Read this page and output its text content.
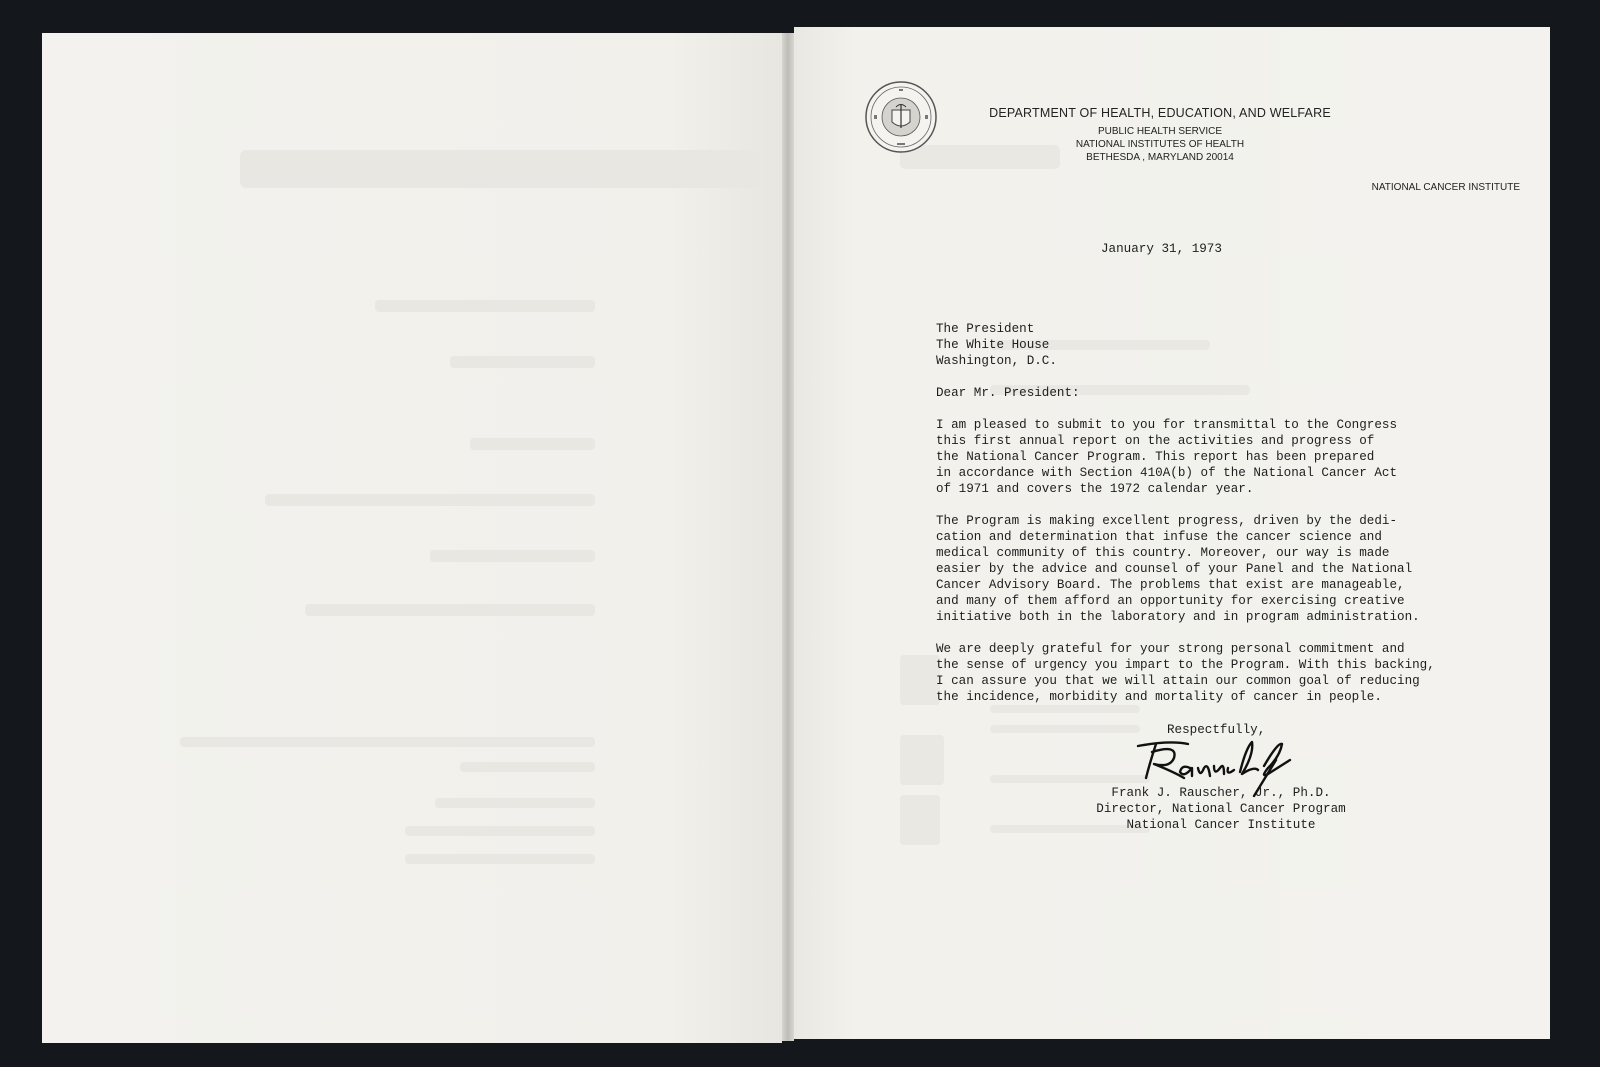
DEPARTMENT OF HEALTH, EDUCATION, AND WELFARE
PUBLIC HEALTH SERVICE
NATIONAL INSTITUTES OF HEALTH
BETHESDA , MARYLAND 20014
NATIONAL CANCER INSTITUTE
January 31, 1973
The President
The White House
Washington, D.C.
Dear Mr. President:
I am pleased to submit to you for transmittal to the Congress
this first annual report on the activities and progress of
the National Cancer Program. This report has been prepared
in accordance with Section 410A(b) of the National Cancer Act
of 1971 and covers the 1972 calendar year.
The Program is making excellent progress, driven by the dedi-
cation and determination that infuse the cancer science and
medical community of this country. Moreover, our way is made
easier by the advice and counsel of your Panel and the National
Cancer Advisory Board. The problems that exist are manageable,
and many of them afford an opportunity for exercising creative
initiative both in the laboratory and in program administration.
We are deeply grateful for your strong personal commitment and
the sense of urgency you impart to the Program. With this backing,
I can assure you that we will attain our common goal of reducing
the incidence, morbidity and mortality of cancer in people.
Respectfully,
Frank J. Rauscher, Jr., Ph.D.
Director, National Cancer Program
National Cancer Institute
